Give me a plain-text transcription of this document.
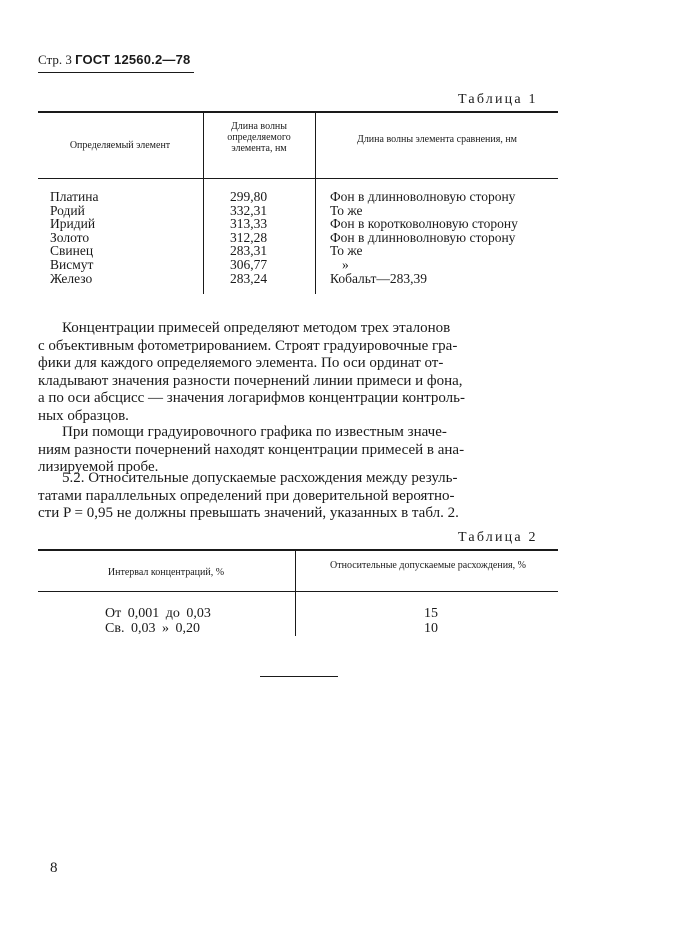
Стр. 3 ГОСТ 12560.2—78
Таблица 1
Определяемый элемент
Длина волны определяемого элемента, нм
Длина волны элемента сравнения, нм
Платина
Родий
Иридий
Золото
Свинец
Висмут
Железо
299,80
332,31
313,33
312,28
283,31
306,77
283,24
Фон в длинноволновую сторону
То же
Фон в коротковолновую сторону
Фон в длинноволновую сторону
То же
»
Кобальт—283,39
Концентрации примесей определяют методом трех эталонов
с объективным фотометрированием. Строят градуировочные гра-
фики для каждого определяемого элемента. По оси ординат от-
кладывают значения разности почернений линии примеси и фона,
а по оси абсцисс — значения логарифмов концентрации контроль-
ных образцов.
При помощи градуировочного графика по известным значе-
ниям разности почернений находят концентрации примесей в ана-
лизируемой пробе.
5.2. Относительные допускаемые расхождения между резуль-
татами параллельных определений при доверительной вероятно-
сти P = 0,95 не должны превышать значений, указанных в табл. 2.
Таблица 2
Интервал концентраций, %
Относительные допускаемые расхождения, %
От 0,001 до 0,03
Св. 0,03 » 0,20
15
10
8
